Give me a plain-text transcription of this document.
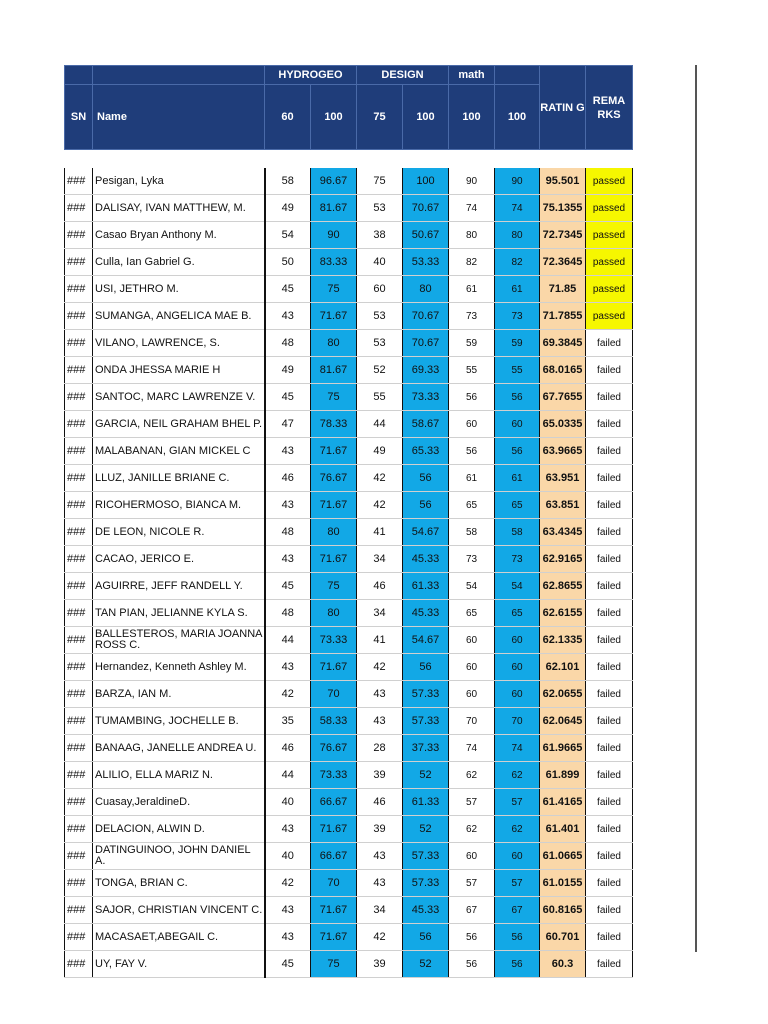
		HYDROGEO		DESIGN		math		RATIN G	REMA RKS
SN	Name	60	100	75	100	100	100		

###	Pesigan, Lyka	58	96.67	75	100	90	90	95.501	passed
###	DALISAY, IVAN MATTHEW, M.	49	81.67	53	70.67	74	74	75.1355	passed
###	Casao Bryan Anthony M.	54	90	38	50.67	80	80	72.7345	passed
###	Culla, Ian Gabriel G.	50	83.33	40	53.33	82	82	72.3645	passed
###	USI, JETHRO M.	45	75	60	80	61	61	71.85	passed
###	SUMANGA, ANGELICA MAE B.	43	71.67	53	70.67	73	73	71.7855	passed
###	VILANO, LAWRENCE, S.	48	80	53	70.67	59	59	69.3845	failed
###	ONDA JHESSA MARIE H	49	81.67	52	69.33	55	55	68.0165	failed
###	SANTOC, MARC LAWRENZE V.	45	75	55	73.33	56	56	67.7655	failed
###	GARCIA, NEIL GRAHAM BHEL P.	47	78.33	44	58.67	60	60	65.0335	failed
###	MALABANAN, GIAN MICKEL C	43	71.67	49	65.33	56	56	63.9665	failed
###	LLUZ, JANILLE BRIANE C.	46	76.67	42	56	61	61	63.951	failed
###	RICOHERMOSO, BIANCA M.	43	71.67	42	56	65	65	63.851	failed
###	DE LEON, NICOLE R.	48	80	41	54.67	58	58	63.4345	failed
###	CACAO, JERICO E.	43	71.67	34	45.33	73	73	62.9165	failed
###	AGUIRRE, JEFF RANDELL Y.	45	75	46	61.33	54	54	62.8655	failed
###	TAN PIAN, JELIANNE KYLA S.	48	80	34	45.33	65	65	62.6155	failed
###	BALLESTEROS, MARIA JOANNA ROSS C.	44	73.33	41	54.67	60	60	62.1335	failed
###	Hernandez, Kenneth Ashley M.	43	71.67	42	56	60	60	62.101	failed
###	BARZA, IAN M.	42	70	43	57.33	60	60	62.0655	failed
###	TUMAMBING, JOCHELLE B.	35	58.33	43	57.33	70	70	62.0645	failed
###	BANAAG, JANELLE ANDREA U.	46	76.67	28	37.33	74	74	61.9665	failed
###	ALILIO, ELLA MARIZ N.	44	73.33	39	52	62	62	61.899	failed
###	Cuasay,JeraldineD.	40	66.67	46	61.33	57	57	61.4165	failed
###	DELACION, ALWIN D.	43	71.67	39	52	62	62	61.401	failed
###	DATINGUINOO, JOHN DANIEL A.	40	66.67	43	57.33	60	60	61.0665	failed
###	TONGA, BRIAN C.	42	70	43	57.33	57	57	61.0155	failed
###	SAJOR, CHRISTIAN VINCENT C.	43	71.67	34	45.33	67	67	60.8165	failed
###	MACASAET,ABEGAIL C.	43	71.67	42	56	56	56	60.701	failed
###	UY, FAY V.	45	75	39	52	56	56	60.3	failed
